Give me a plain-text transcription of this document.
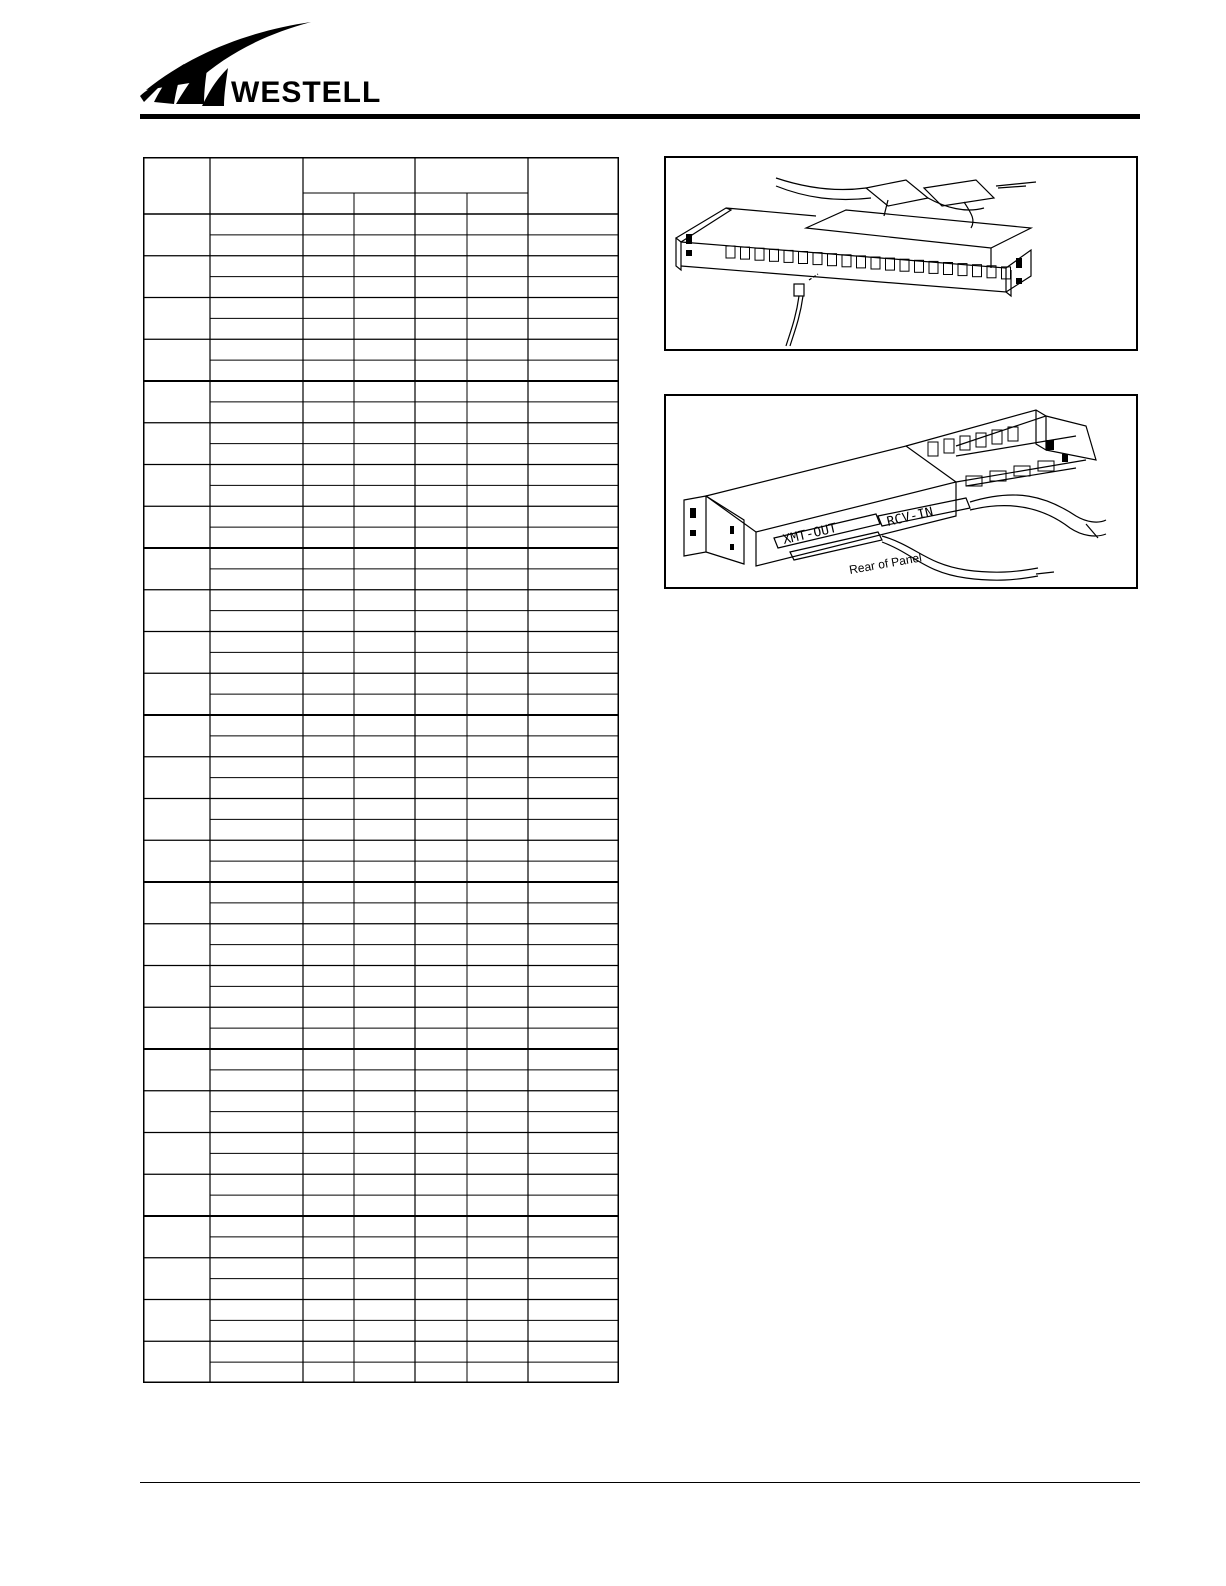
WESTELL
XMT-OUT
RCV-IN
Rear of Panel
